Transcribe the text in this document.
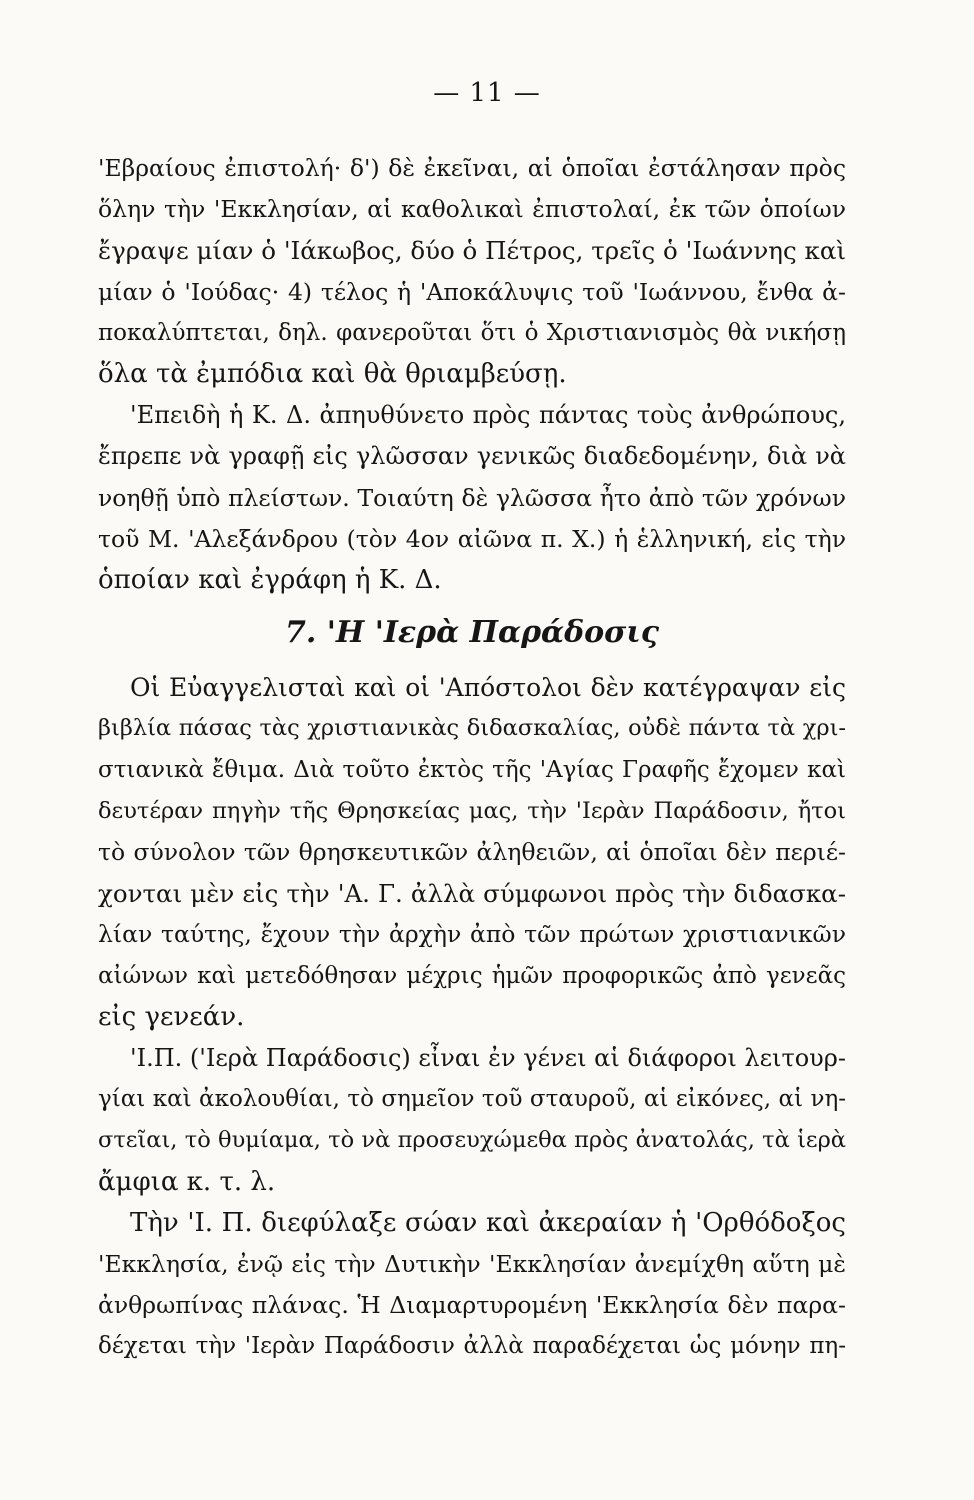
— 11 —
'Εβραίους ἐπιστολή· δ') δὲ ἐκεῖναι, αἱ ὁποῖαι ἐστάλησαν πρὸς
ὅλην τὴν 'Εκκλησίαν, αἱ καθολικαὶ ἐπιστολαί, ἐκ τῶν ὁποίων
ἔγραψε μίαν ὁ 'Ιάκωβος, δύο ὁ Πέτρος, τρεῖς ὁ 'Ιωάννης καὶ
μίαν ὁ 'Ιούδας· 4) τέλος ἡ 'Αποκάλυψις τοῦ 'Ιωάννου, ἔνθα ἀ-
ποκαλύπτεται, δηλ. φανεροῦται ὅτι ὁ Χριστιανισμὸς θὰ νικήσῃ
ὅλα τὰ ἐμπόδια καὶ θὰ θριαμβεύσῃ.
'Επειδὴ ἡ Κ. Δ. ἀπηυθύνετο πρὸς πάντας τοὺς ἀνθρώπους,
ἔπρεπε νὰ γραφῇ εἰς γλῶσσαν γενικῶς διαδεδομένην, διὰ νὰ
νοηθῇ ὑπὸ πλείστων. Τοιαύτη δὲ γλῶσσα ἦτο ἀπὸ τῶν χρόνων
τοῦ Μ. 'Αλεξάνδρου (τὸν 4ον αἰῶνα π. Χ.) ἡ ἑλληνική, εἰς τὴν
ὁποίαν καὶ ἐγράφη ἡ Κ. Δ.
7. 'Η 'Ιερὰ Παράδοσις
Οἱ Εὐαγγελισταὶ καὶ οἱ 'Απόστολοι δὲν κατέγραψαν εἰς
βιβλία πάσας τὰς χριστιανικὰς διδασκαλίας, οὐδὲ πάντα τὰ χρι-
στιανικὰ ἔθιμα. Διὰ τοῦτο ἐκτὸς τῆς 'Αγίας Γραφῆς ἔχομεν καὶ
δευτέραν πηγὴν τῆς Θρησκείας μας, τὴν 'Ιερὰν Παράδοσιν, ἤτοι
τὸ σύνολον τῶν θρησκευτικῶν ἀληθειῶν, αἱ ὁποῖαι δὲν περιέ-
χονται μὲν εἰς τὴν 'Α. Γ. ἀλλὰ σύμφωνοι πρὸς τὴν διδασκα-
λίαν ταύτης, ἔχουν τὴν ἀρχὴν ἀπὸ τῶν πρώτων χριστιανικῶν
αἰώνων καὶ μετεδόθησαν μέχρις ἡμῶν προφορικῶς ἀπὸ γενεᾶς
εἰς γενεάν.
'Ι.Π. ('Ιερὰ Παράδοσις) εἶναι ἐν γένει αἱ διάφοροι λειτουρ-
γίαι καὶ ἀκολουθίαι, τὸ σημεῖον τοῦ σταυροῦ, αἱ εἰκόνες, αἱ νη-
στεῖαι, τὸ θυμίαμα, τὸ νὰ προσευχώμεθα πρὸς ἀνατολάς, τὰ ἱερὰ
ἄμφια κ. τ. λ.
Τὴν 'Ι. Π. διεφύλαξε σώαν καὶ ἀκεραίαν ἡ 'Ορθόδοξος
'Εκκλησία, ἐνῷ εἰς τὴν Δυτικὴν 'Εκκλησίαν ἀνεμίχθη αὕτη μὲ
ἀνθρωπίνας πλάνας. Ἡ Διαμαρτυρομένη 'Εκκλησία δὲν παρα-
δέχεται τὴν 'Ιερὰν Παράδοσιν ἀλλὰ παραδέχεται ὡς μόνην πη-
